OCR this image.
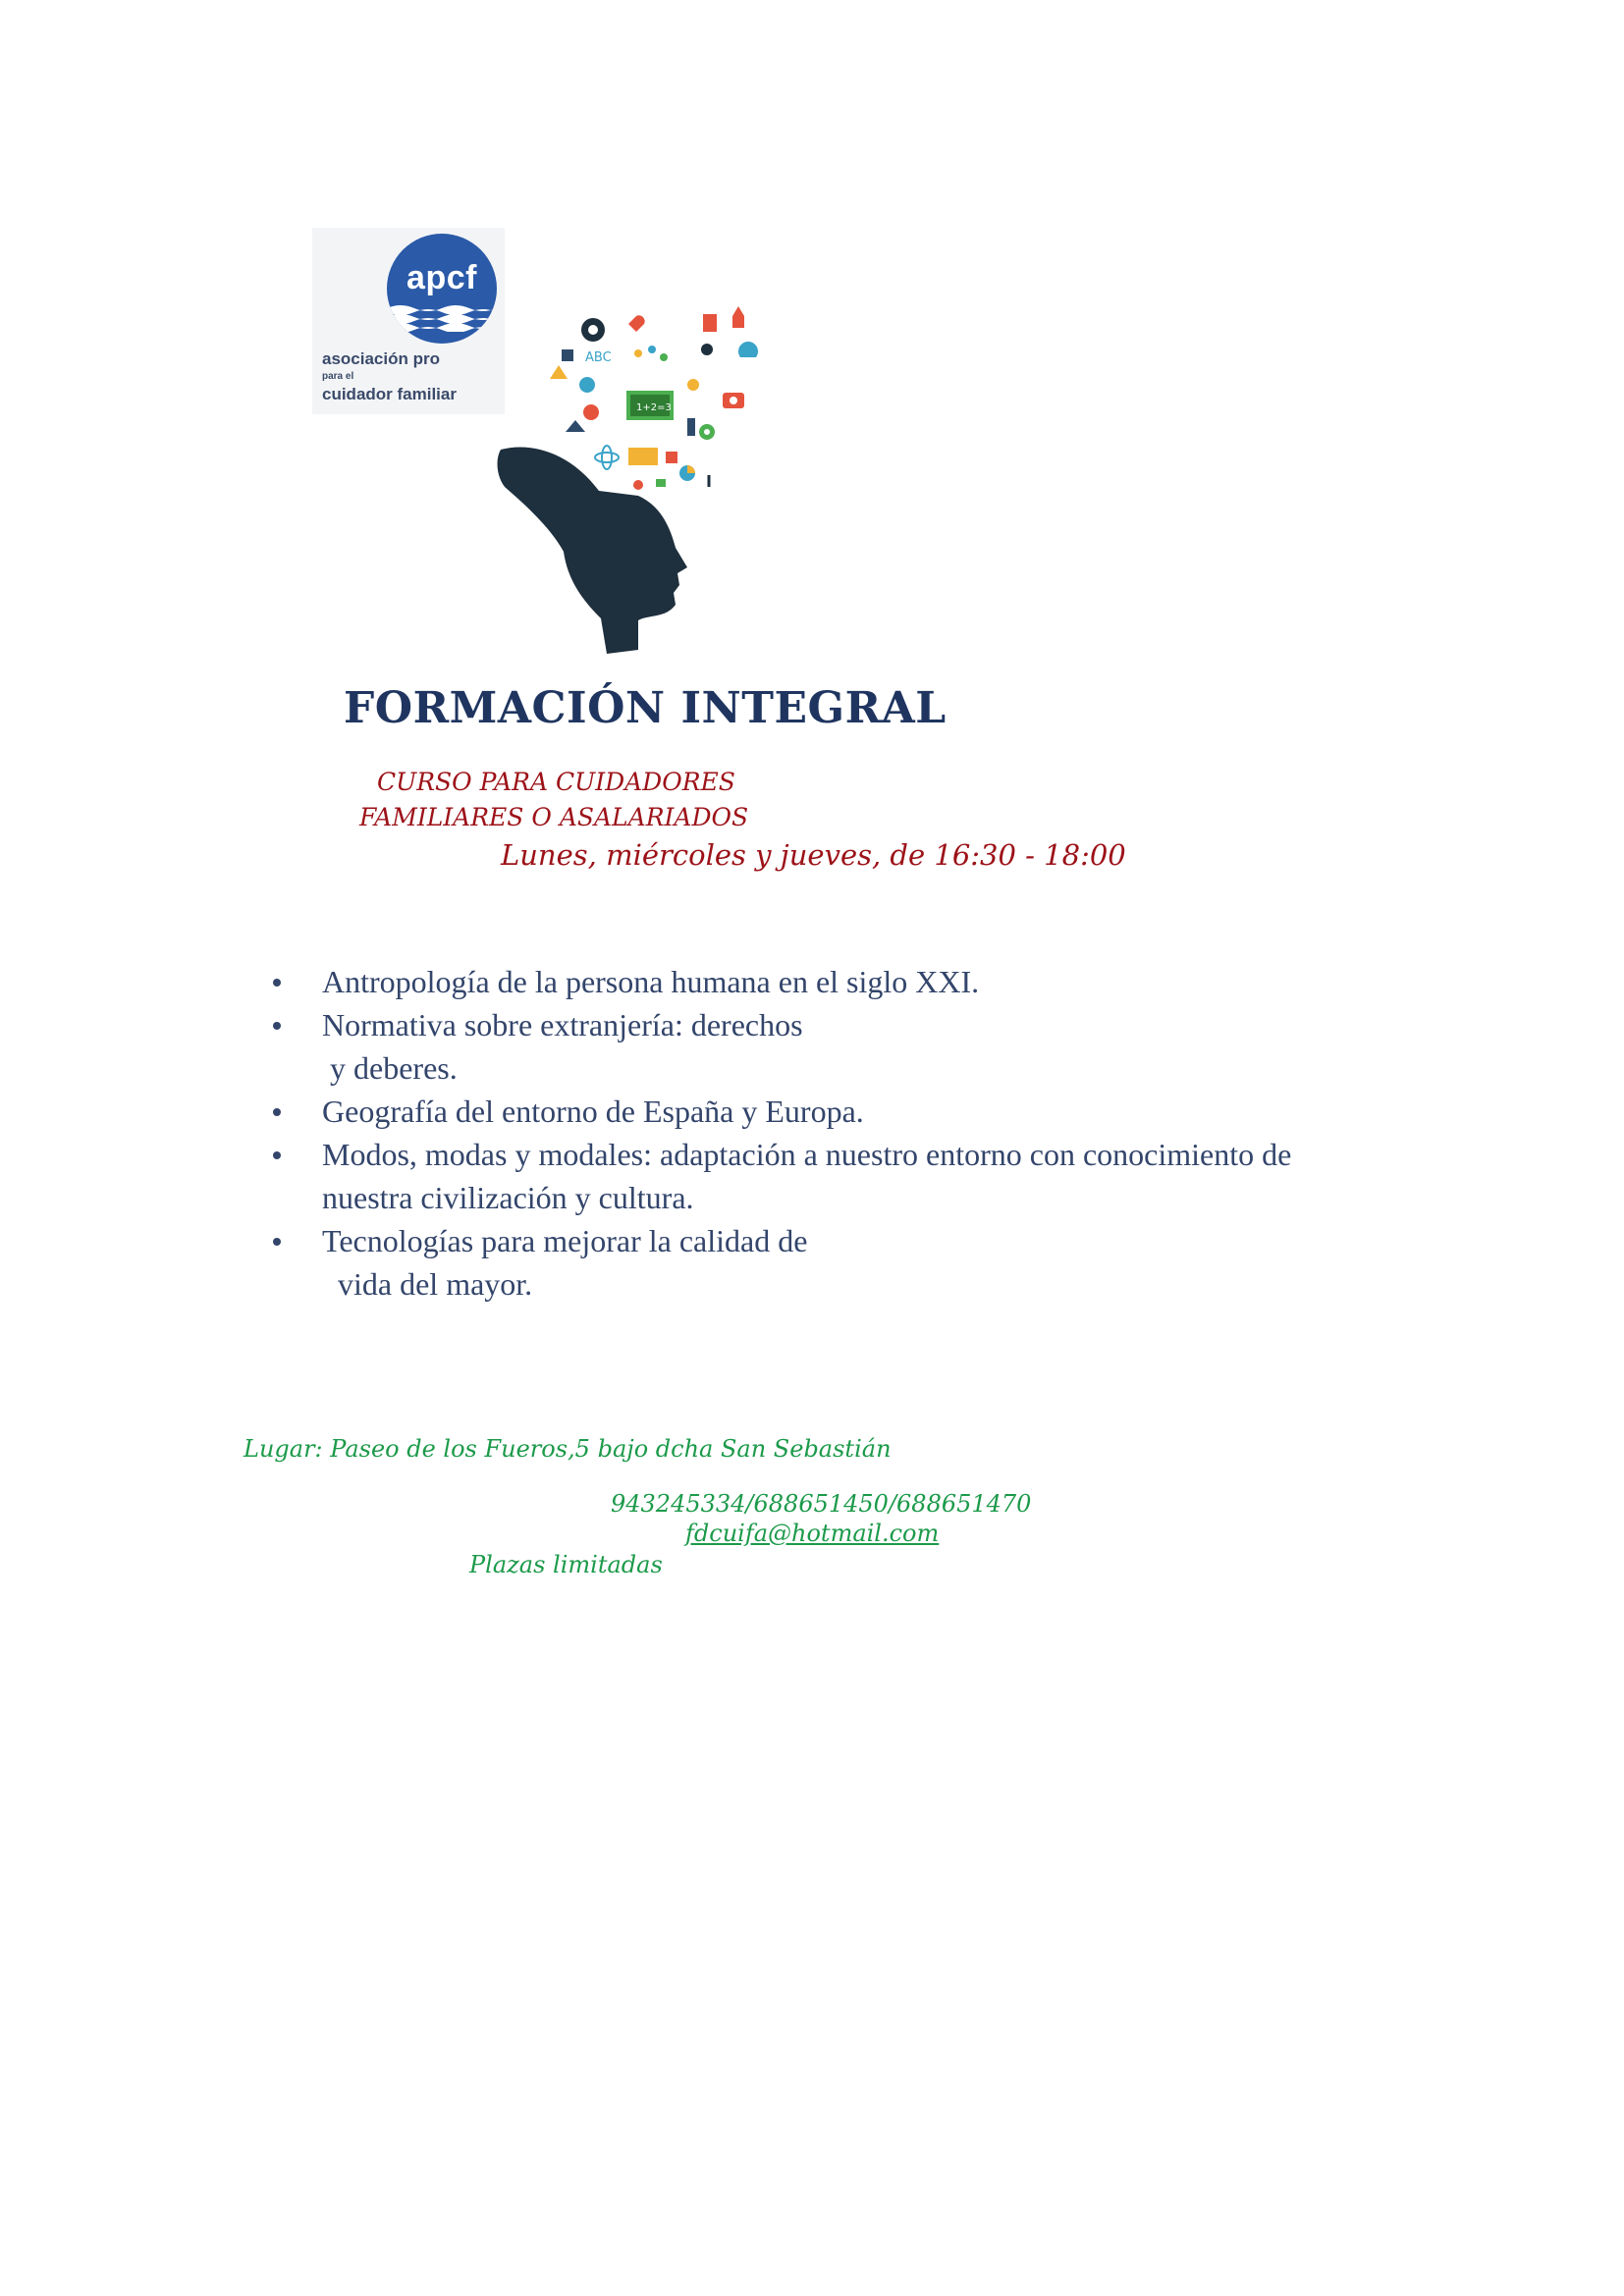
apcf
asociación pro
para el
cuidador familiar
ABC
1+2=3
FORMACIÓN INTEGRAL
CURSO PARA CUIDADORES
FAMILIARES O ASALARIADOS
Lunes, miércoles y jueves, de 16:30 - 18:00
Antropología de la persona humana en el siglo XXI.
Normativa sobre extranjería: derechos
y deberes.
Geografía del entorno de España y Europa.
Modos, modas y modales: adaptación a nuestro entorno con conocimiento de
nuestra civilización y cultura.
Tecnologías para mejorar la calidad de
vida del mayor.
Lugar: Paseo de los Fueros,5 bajo dcha San Sebastián
943245334/688651450/688651470
fdcuifa@hotmail.com
Plazas limitadas
